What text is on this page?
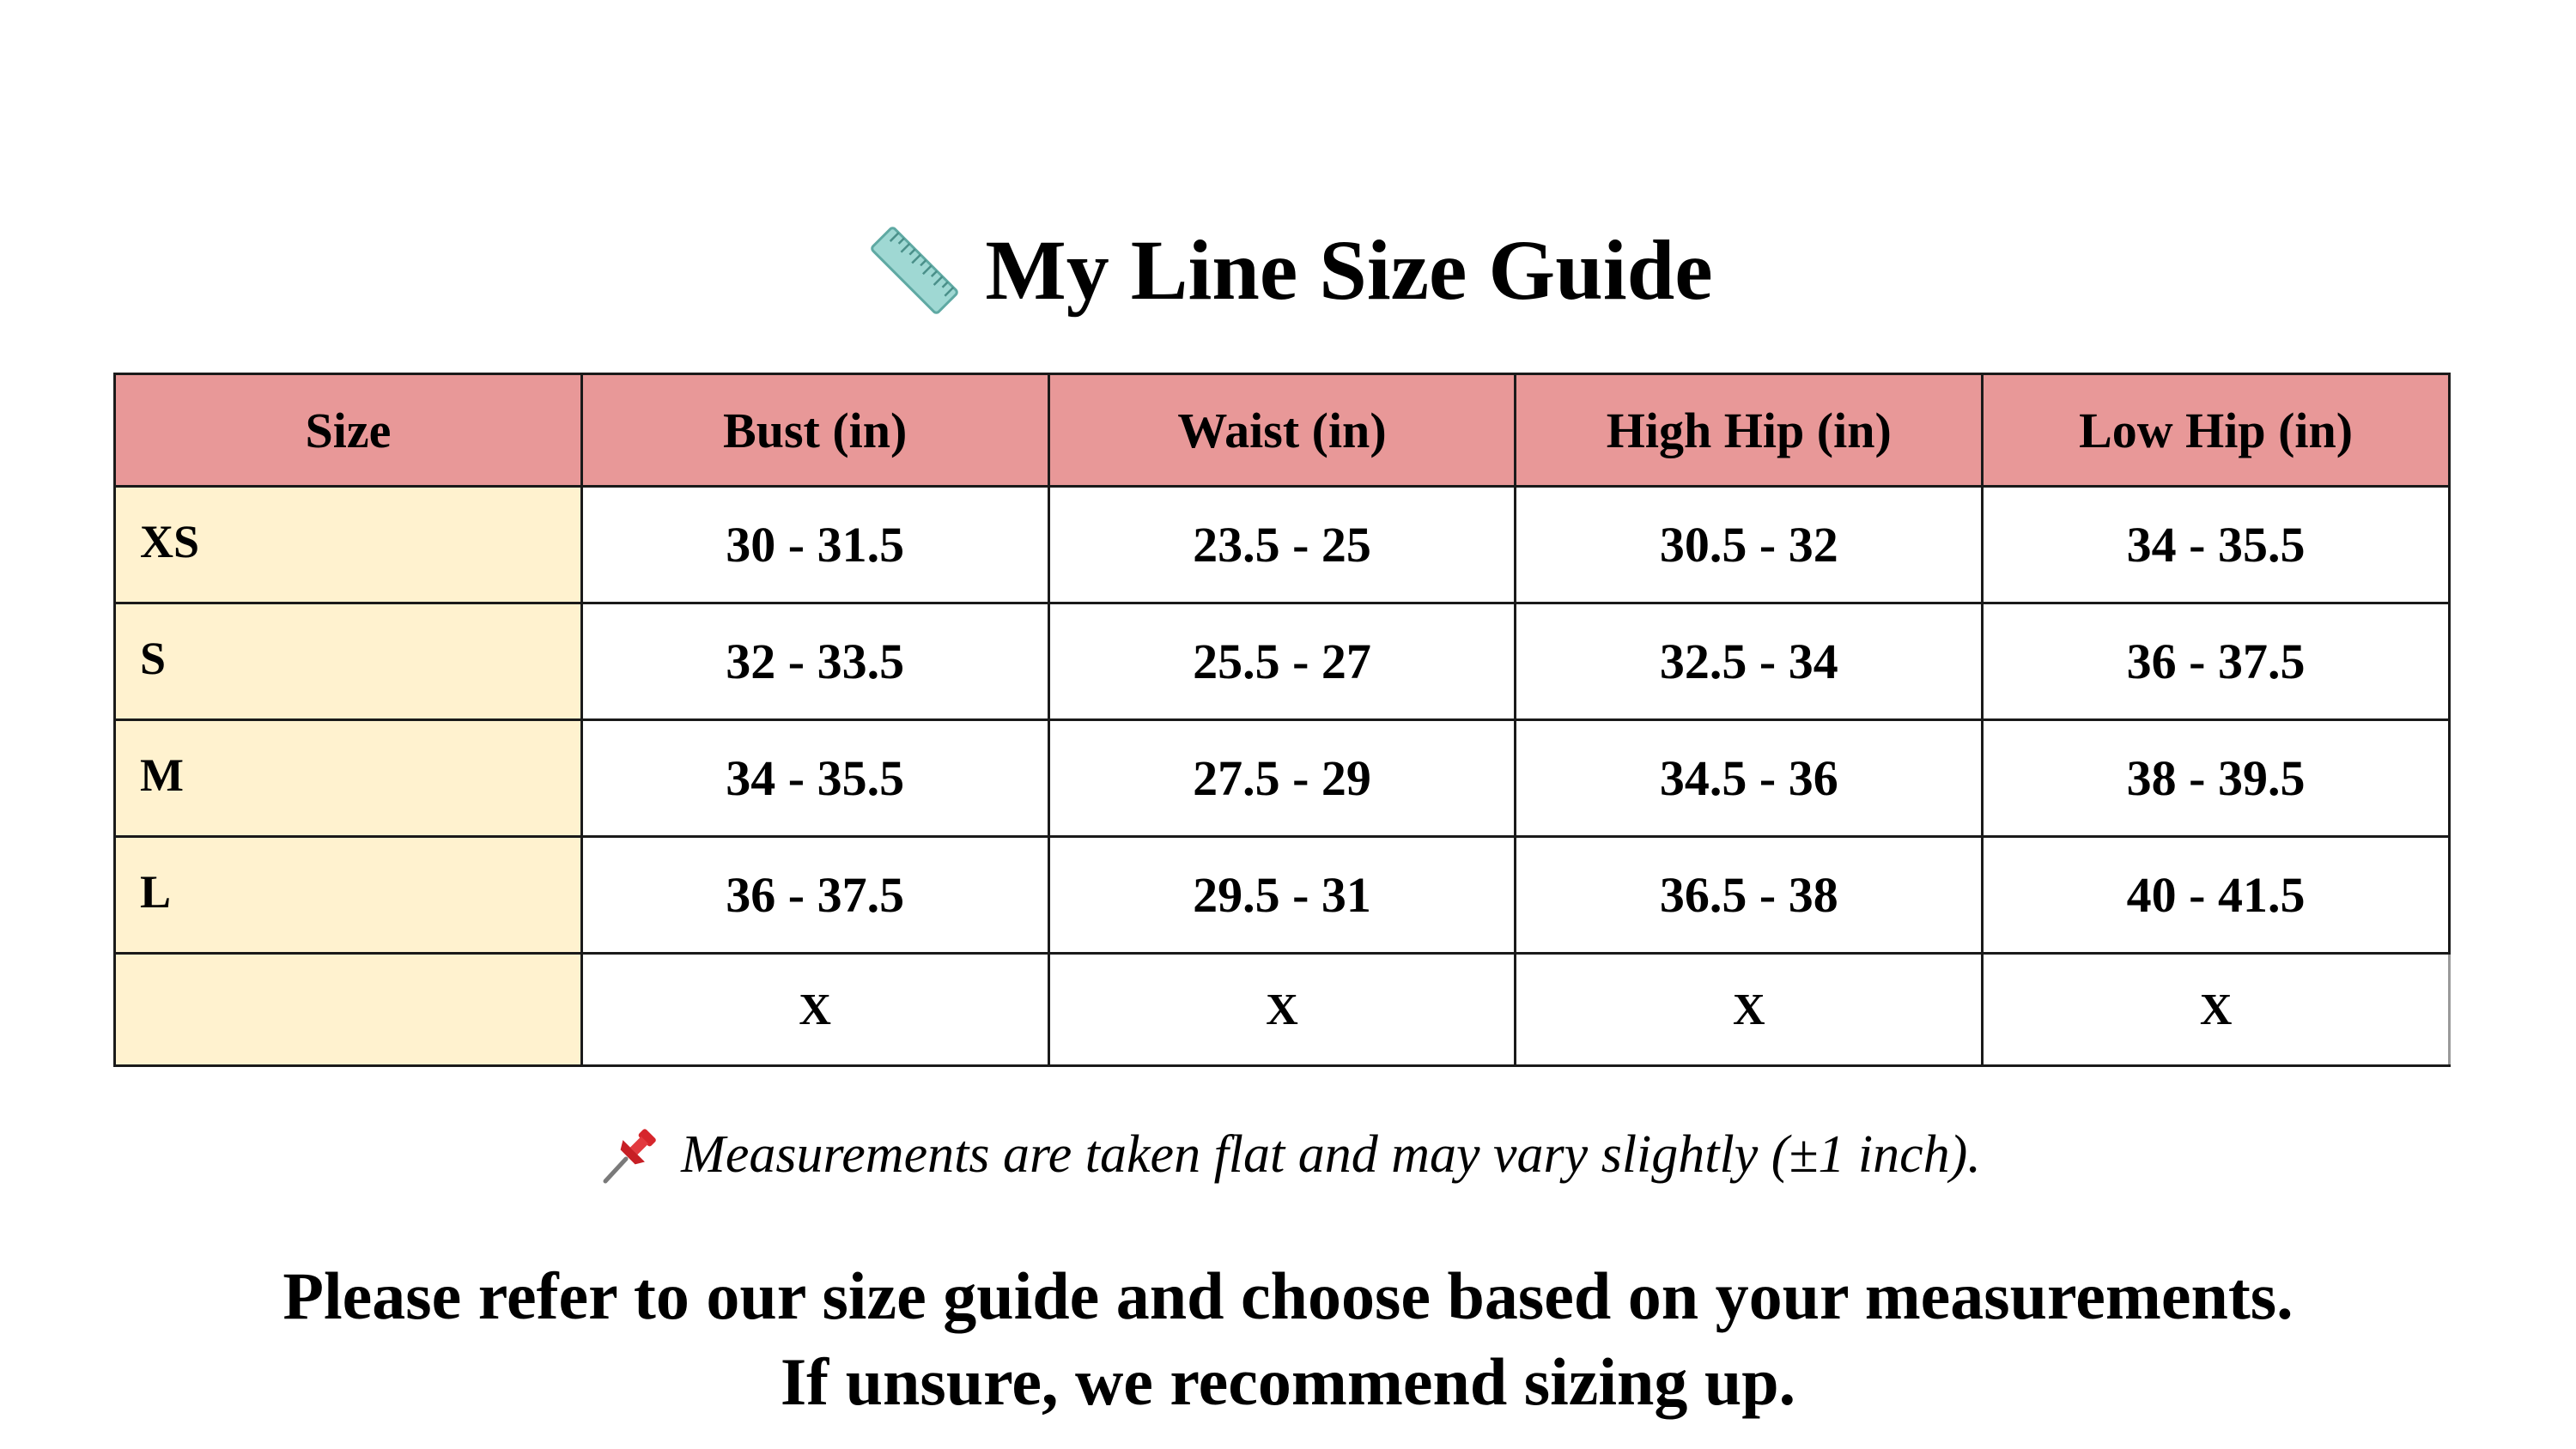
My Line Size Guide
Size	Bust (in)	Waist (in)	High Hip (in)	Low Hip (in)
XS	30 - 31.5	23.5 - 25	30.5 - 32	34 - 35.5
S	32 - 33.5	25.5 - 27	32.5 - 34	36 - 37.5
M	34 - 35.5	27.5 - 29	34.5 - 36	38 - 39.5
L	36 - 37.5	29.5 - 31	36.5 - 38	40 - 41.5
	X	X	X	X
Measurements are taken flat and may vary slightly (±1 inch).
Please refer to our size guide and choose based on your measurements.
If unsure, we recommend sizing up.
